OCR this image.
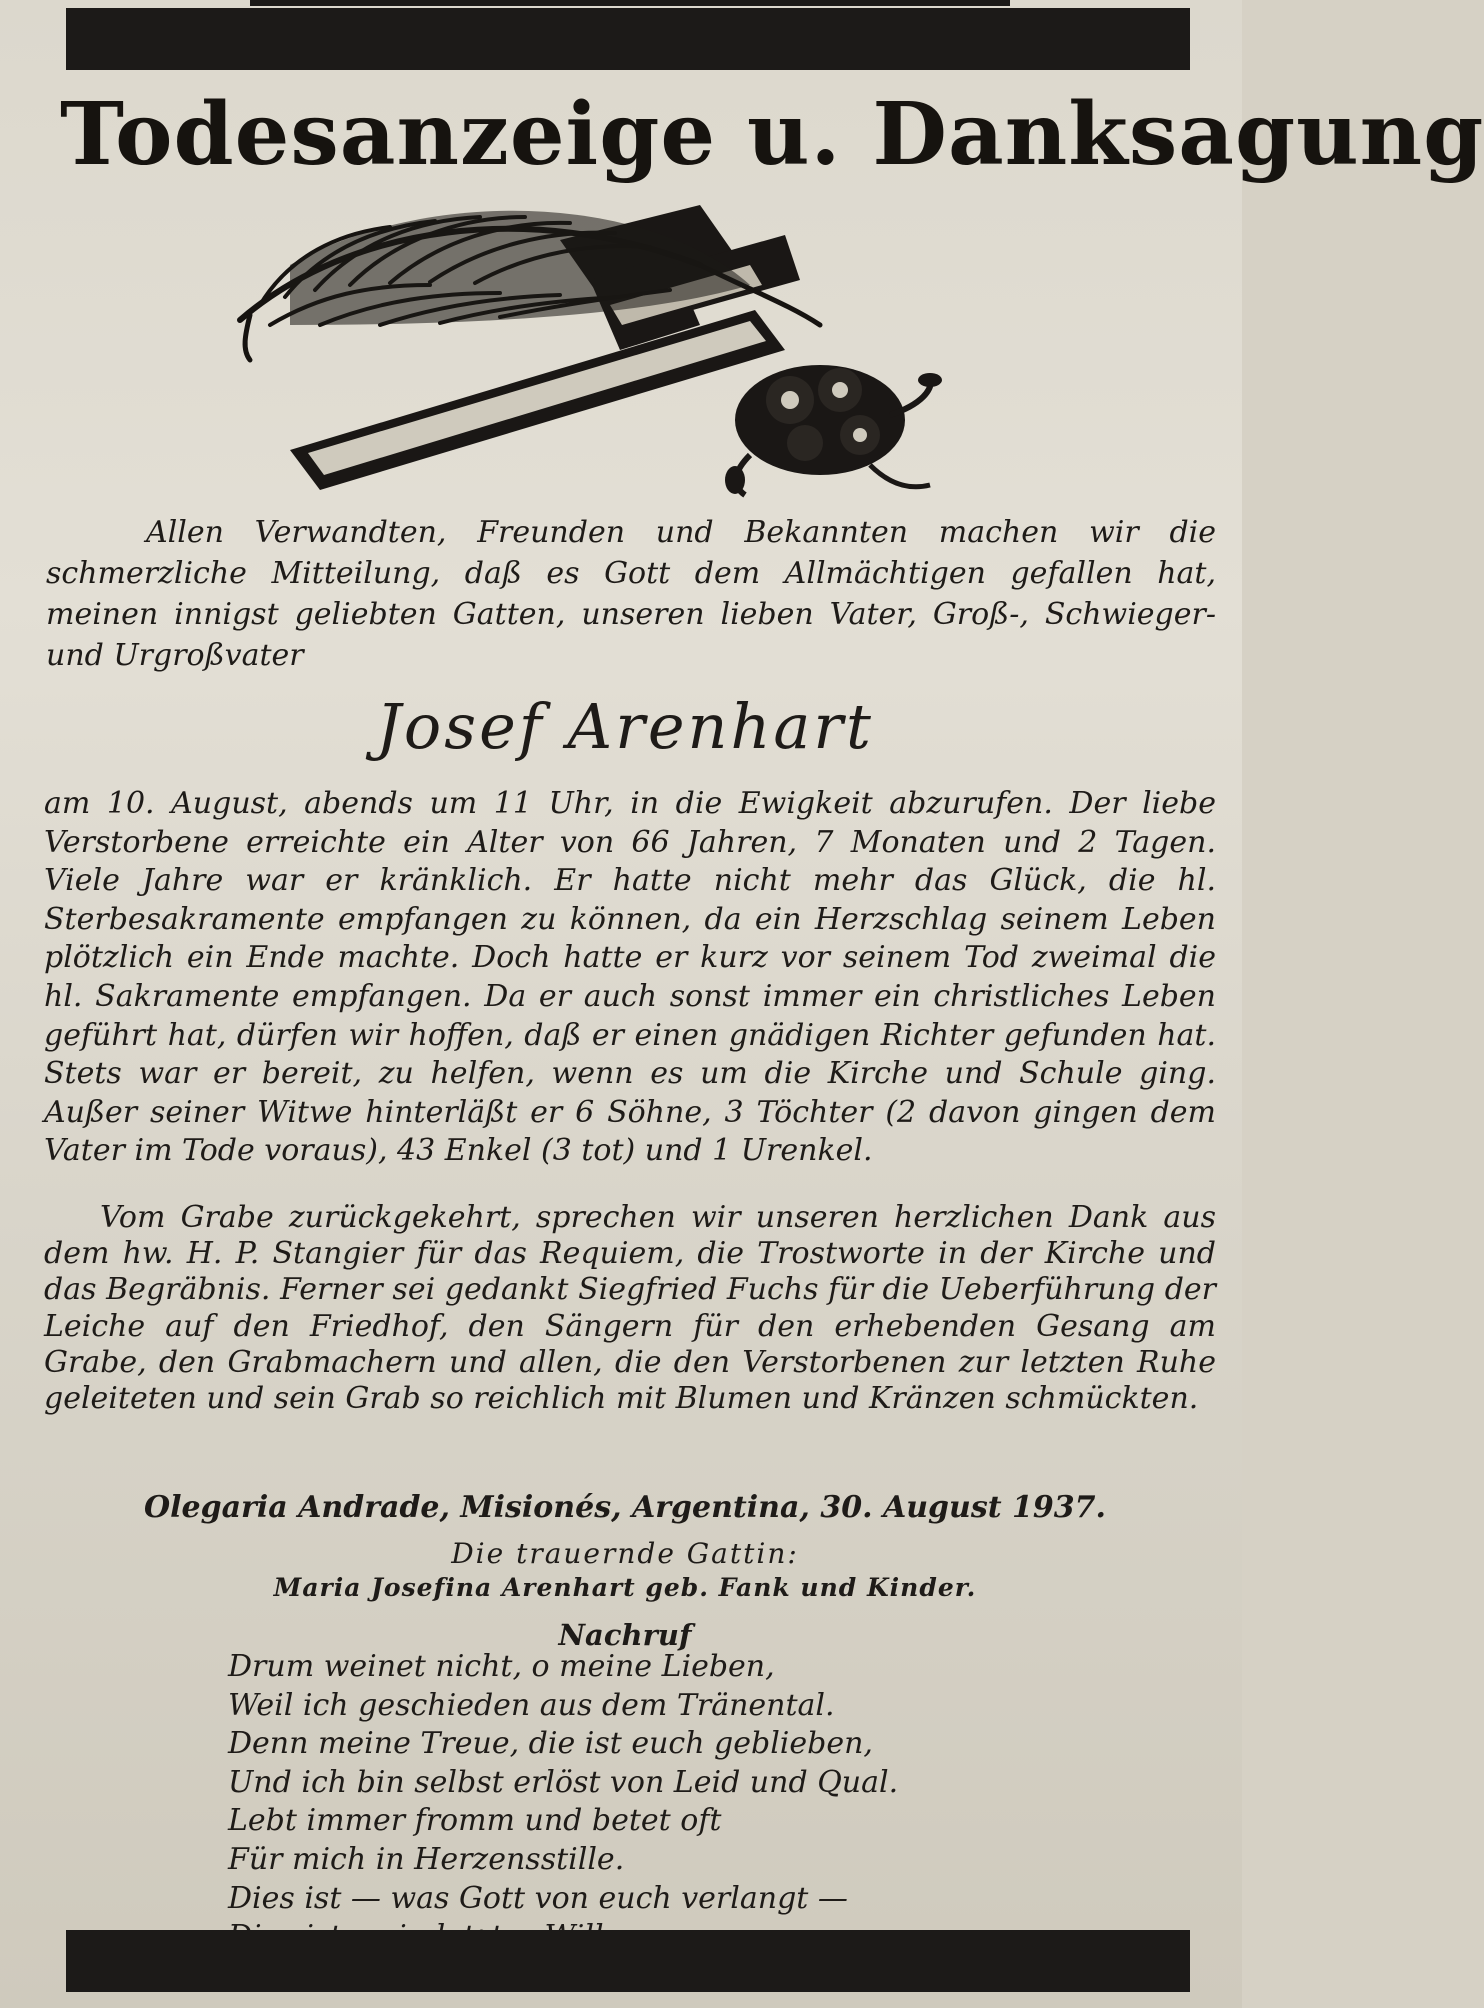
Todesanzeige u. Danksagung
Allen Verwandten, Freunden und Bekannten machen wir die schmerzliche Mitteilung, daß es Gott dem Allmächtigen gefallen hat, meinen innigst geliebten Gatten, unseren lieben Vater, Groß-, Schwieger- und Urgroßvater
Josef Arenhart
am 10. August, abends um 11 Uhr, in die Ewigkeit abzurufen. Der liebe Verstorbene erreichte ein Alter von 66 Jahren, 7 Monaten und 2 Tagen. Viele Jahre war er kränklich. Er hatte nicht mehr das Glück, die hl. Sterbesakramente empfangen zu können, da ein Herzschlag seinem Leben plötzlich ein Ende machte. Doch hatte er kurz vor seinem Tod zweimal die hl. Sakramente empfangen. Da er auch sonst immer ein christliches Leben geführt hat, dürfen wir hoffen, daß er einen gnädigen Richter gefunden hat. Stets war er bereit, zu helfen, wenn es um die Kirche und Schule ging. Außer seiner Witwe hinterläßt er 6 Söhne, 3 Töchter (2 davon gingen dem Vater im Tode voraus), 43 Enkel (3 tot) und 1 Urenkel.
Vom Grabe zurückgekehrt, sprechen wir unseren herzlichen Dank aus dem hw. H. P. Stangier für das Requiem, die Trostworte in der Kirche und das Begräbnis. Ferner sei gedankt Siegfried Fuchs für die Ueberführung der Leiche auf den Friedhof, den Sängern für den erhebenden Gesang am Grabe, den Grabmachern und allen, die den Verstorbenen zur letzten Ruhe geleiteten und sein Grab so reichlich mit Blumen und Kränzen schmückten.
Olegaria Andrade, Misionés, Argentina, 30. August 1937.
Die trauernde Gattin:
Maria Josefina Arenhart geb. Fank und Kinder.
Nachruf
Drum weinet nicht, o meine Lieben,
Weil ich geschieden aus dem Tränental.
Denn meine Treue, die ist euch geblieben,
Und ich bin selbst erlöst von Leid und Qual.
Lebt immer fromm und betet oft
Für mich in Herzensstille.
Dies ist — was Gott von euch verlangt —
